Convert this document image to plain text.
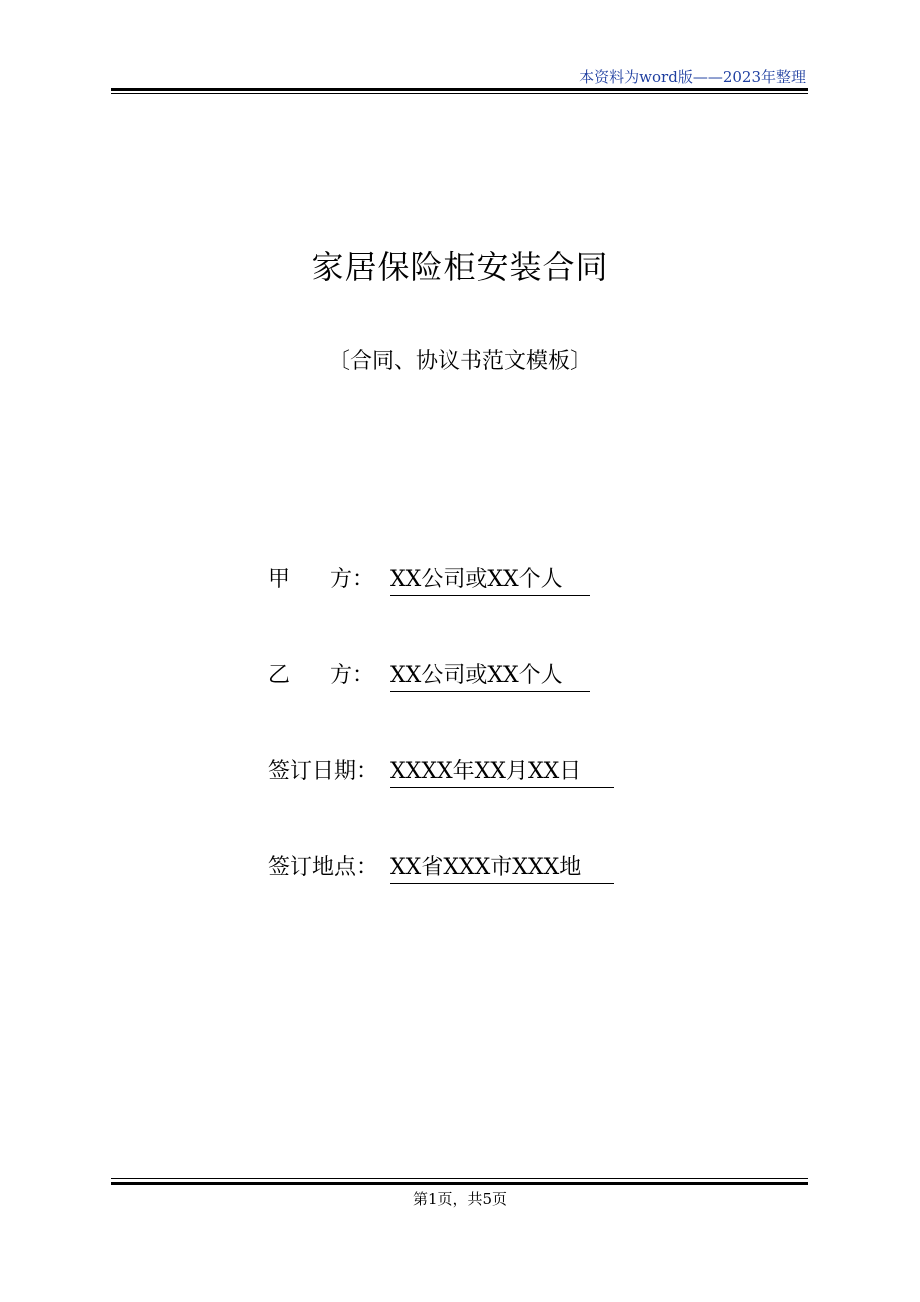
本资料为word版——2023年整理
家居保险柜安装合同
〔合同、协议书范文模板〕
甲 方： XX公司或XX个人
乙 方： XX公司或XX个人
签订日期： XXXX年XX月XX日
签订地点： XX省XXX市XXX地
第1页，共5页
